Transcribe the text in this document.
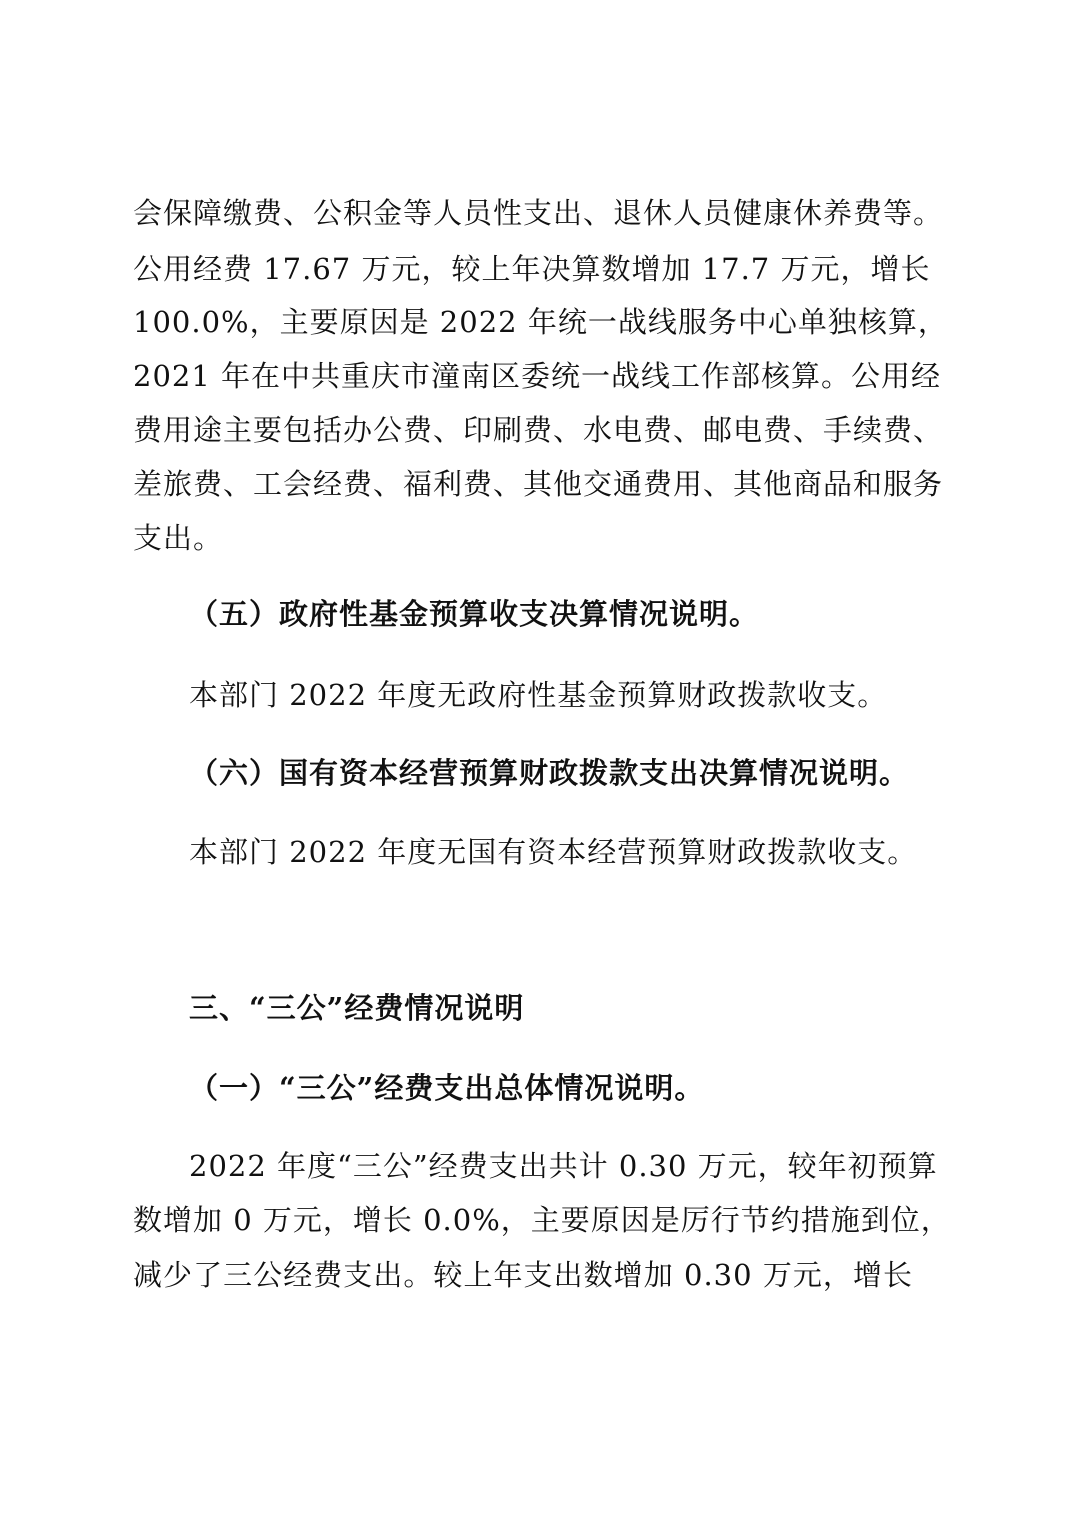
会保障缴费、公积金等人员性支出、退休人员健康休养费等。
公用经费 17.67 万元，较上年决算数增加 17.7 万元，增长
100.0%，主要原因是 2022 年统一战线服务中心单独核算，
2021 年在中共重庆市潼南区委统一战线工作部核算。公用经
费用途主要包括办公费、印刷费、水电费、邮电费、手续费、
差旅费、工会经费、福利费、其他交通费用、其他商品和服务
支出。
（五）政府性基金预算收支决算情况说明。
本部门 2022 年度无政府性基金预算财政拨款收支。
（六）国有资本经营预算财政拨款支出决算情况说明。
本部门 2022 年度无国有资本经营预算财政拨款收支。
三、“三公”经费情况说明
（一）“三公”经费支出总体情况说明。
2022 年度“三公”经费支出共计 0.30 万元，较年初预算
数增加 0 万元，增长 0.0%，主要原因是厉行节约措施到位，
减少了三公经费支出。较上年支出数增加 0.30 万元，增长
